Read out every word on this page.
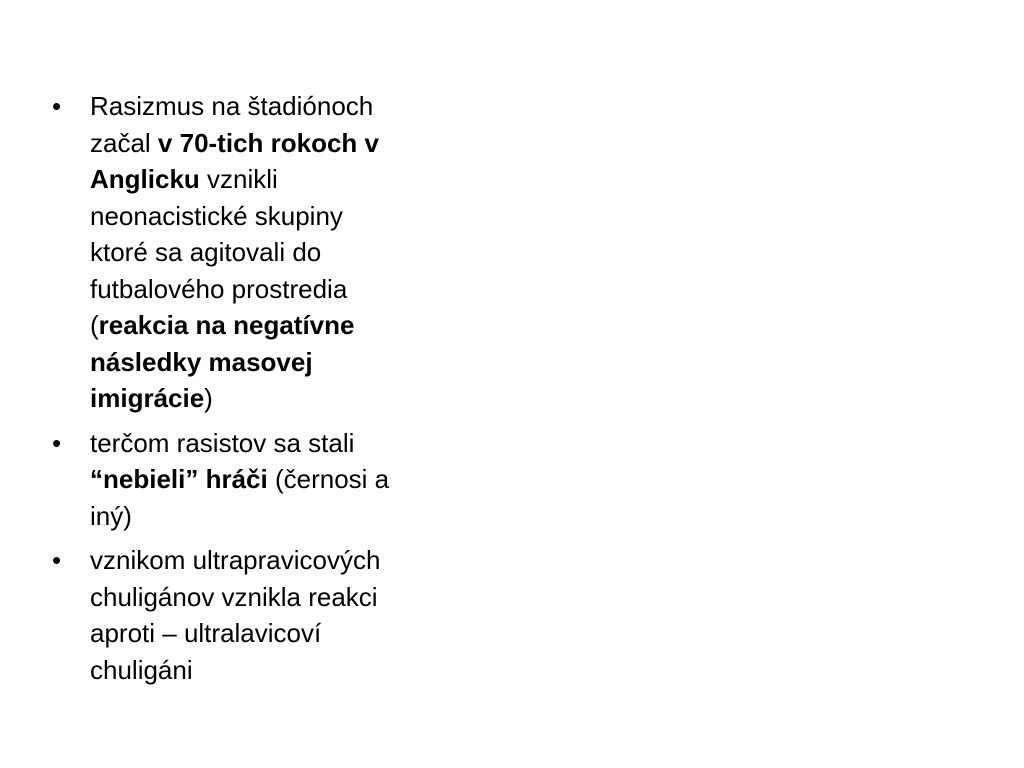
•	Rasizmus na štadiónoch
začal v 70-tich rokoch v
Anglicku vznikli
neonacistické skupiny
ktoré sa agitovali do
futbalového prostredia
(reakcia na negatívne
následky masovej
imigrácie)
•	terčom rasistov sa stali
“nebieli” hráči (černosi a
iný)
•	vznikom ultrapravicových
chuligánov vznikla reakci
aproti – ultralavicoví
chuligáni
